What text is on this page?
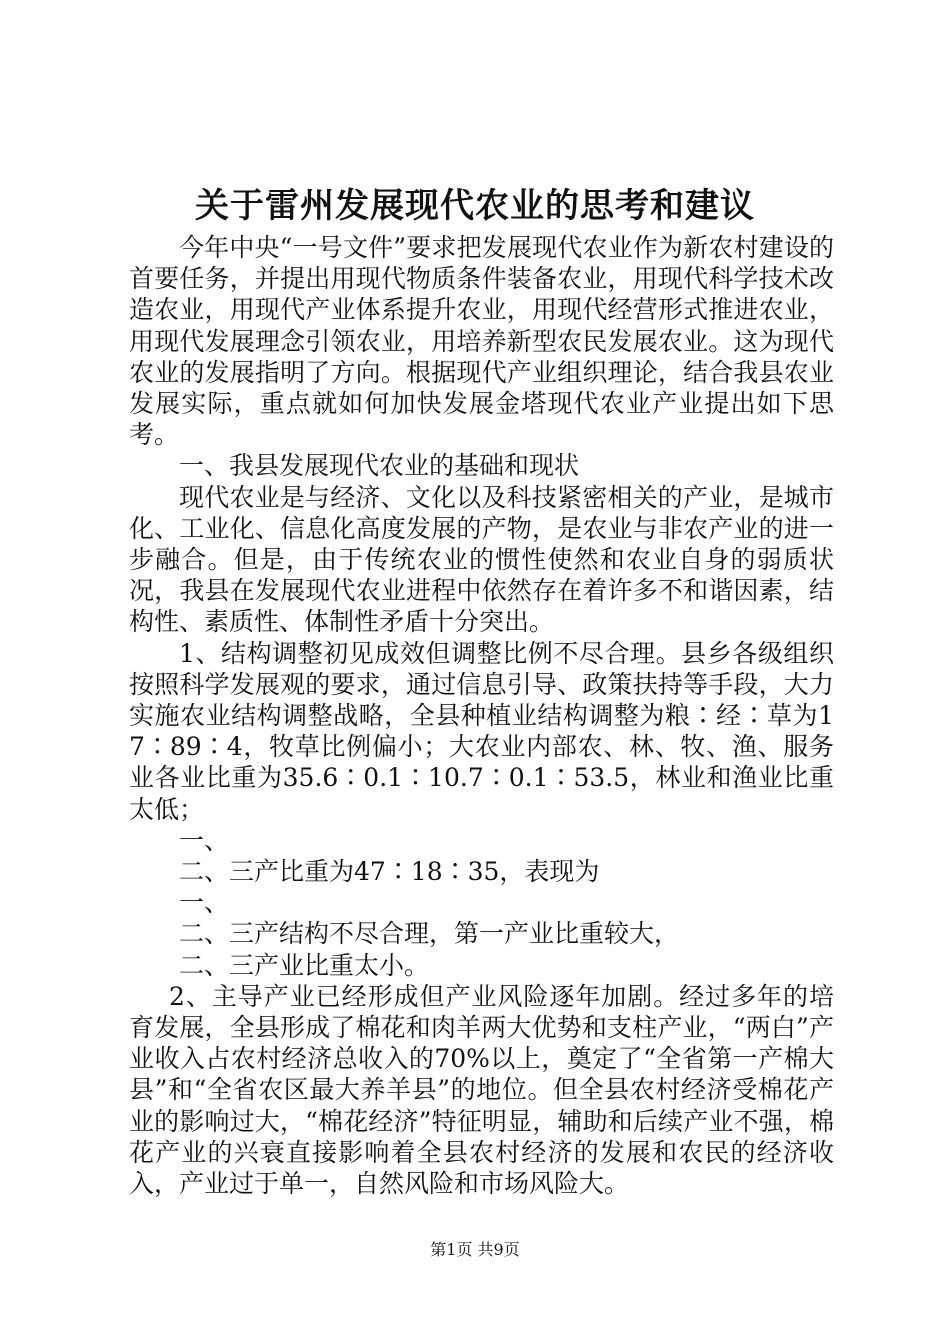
关于雷州发展现代农业的思考和建议

今年中央“一号文件”要求把发展现代农业作为新农村建设的首要任务，并提出用现代物质条件装备农业，用现代科学技术改造农业，用现代产业体系提升农业，用现代经营形式推进农业，用现代发展理念引领农业，用培养新型农民发展农业。这为现代农业的发展指明了方向。根据现代产业组织理论，结合我县农业发展实际，重点就如何加快发展金塔现代农业产业提出如下思考。

一、我县发展现代农业的基础和现状

现代农业是与经济、文化以及科技紧密相关的产业，是城市化、工业化、信息化高度发展的产物，是农业与非农产业的进一步融合。但是，由于传统农业的惯性使然和农业自身的弱质状况，我县在发展现代农业进程中依然存在着许多不和谐因素，结构性、素质性、体制性矛盾十分突出。

1、结构调整初见成效但调整比例不尽合理。县乡各级组织按照科学发展观的要求，通过信息引导、政策扶持等手段，大力实施农业结构调整战略，全县种植业结构调整为粮∶经∶草为17∶89∶4，牧草比例偏小；大农业内部农、林、牧、渔、服务业各业比重为35.6∶0.1∶10.7∶0.1∶53.5，林业和渔业比重太低；

一、

二、三产比重为47∶18∶35，表现为

一、

二、三产结构不尽合理，第一产业比重较大，

二、三产业比重太小。

2、主导产业已经形成但产业风险逐年加剧。经过多年的培育发展，全县形成了棉花和肉羊两大优势和支柱产业，“两白”产业收入占农村经济总收入的70%以上，奠定了“全省第一产棉大县”和“全省农区最大养羊县”的地位。但全县农村经济受棉花产业的影响过大，“棉花经济”特征明显，辅助和后续产业不强，棉花产业的兴衰直接影响着全县农村经济的发展和农民的经济收入，产业过于单一，自然风险和市场风险大。

第1页 共9页
